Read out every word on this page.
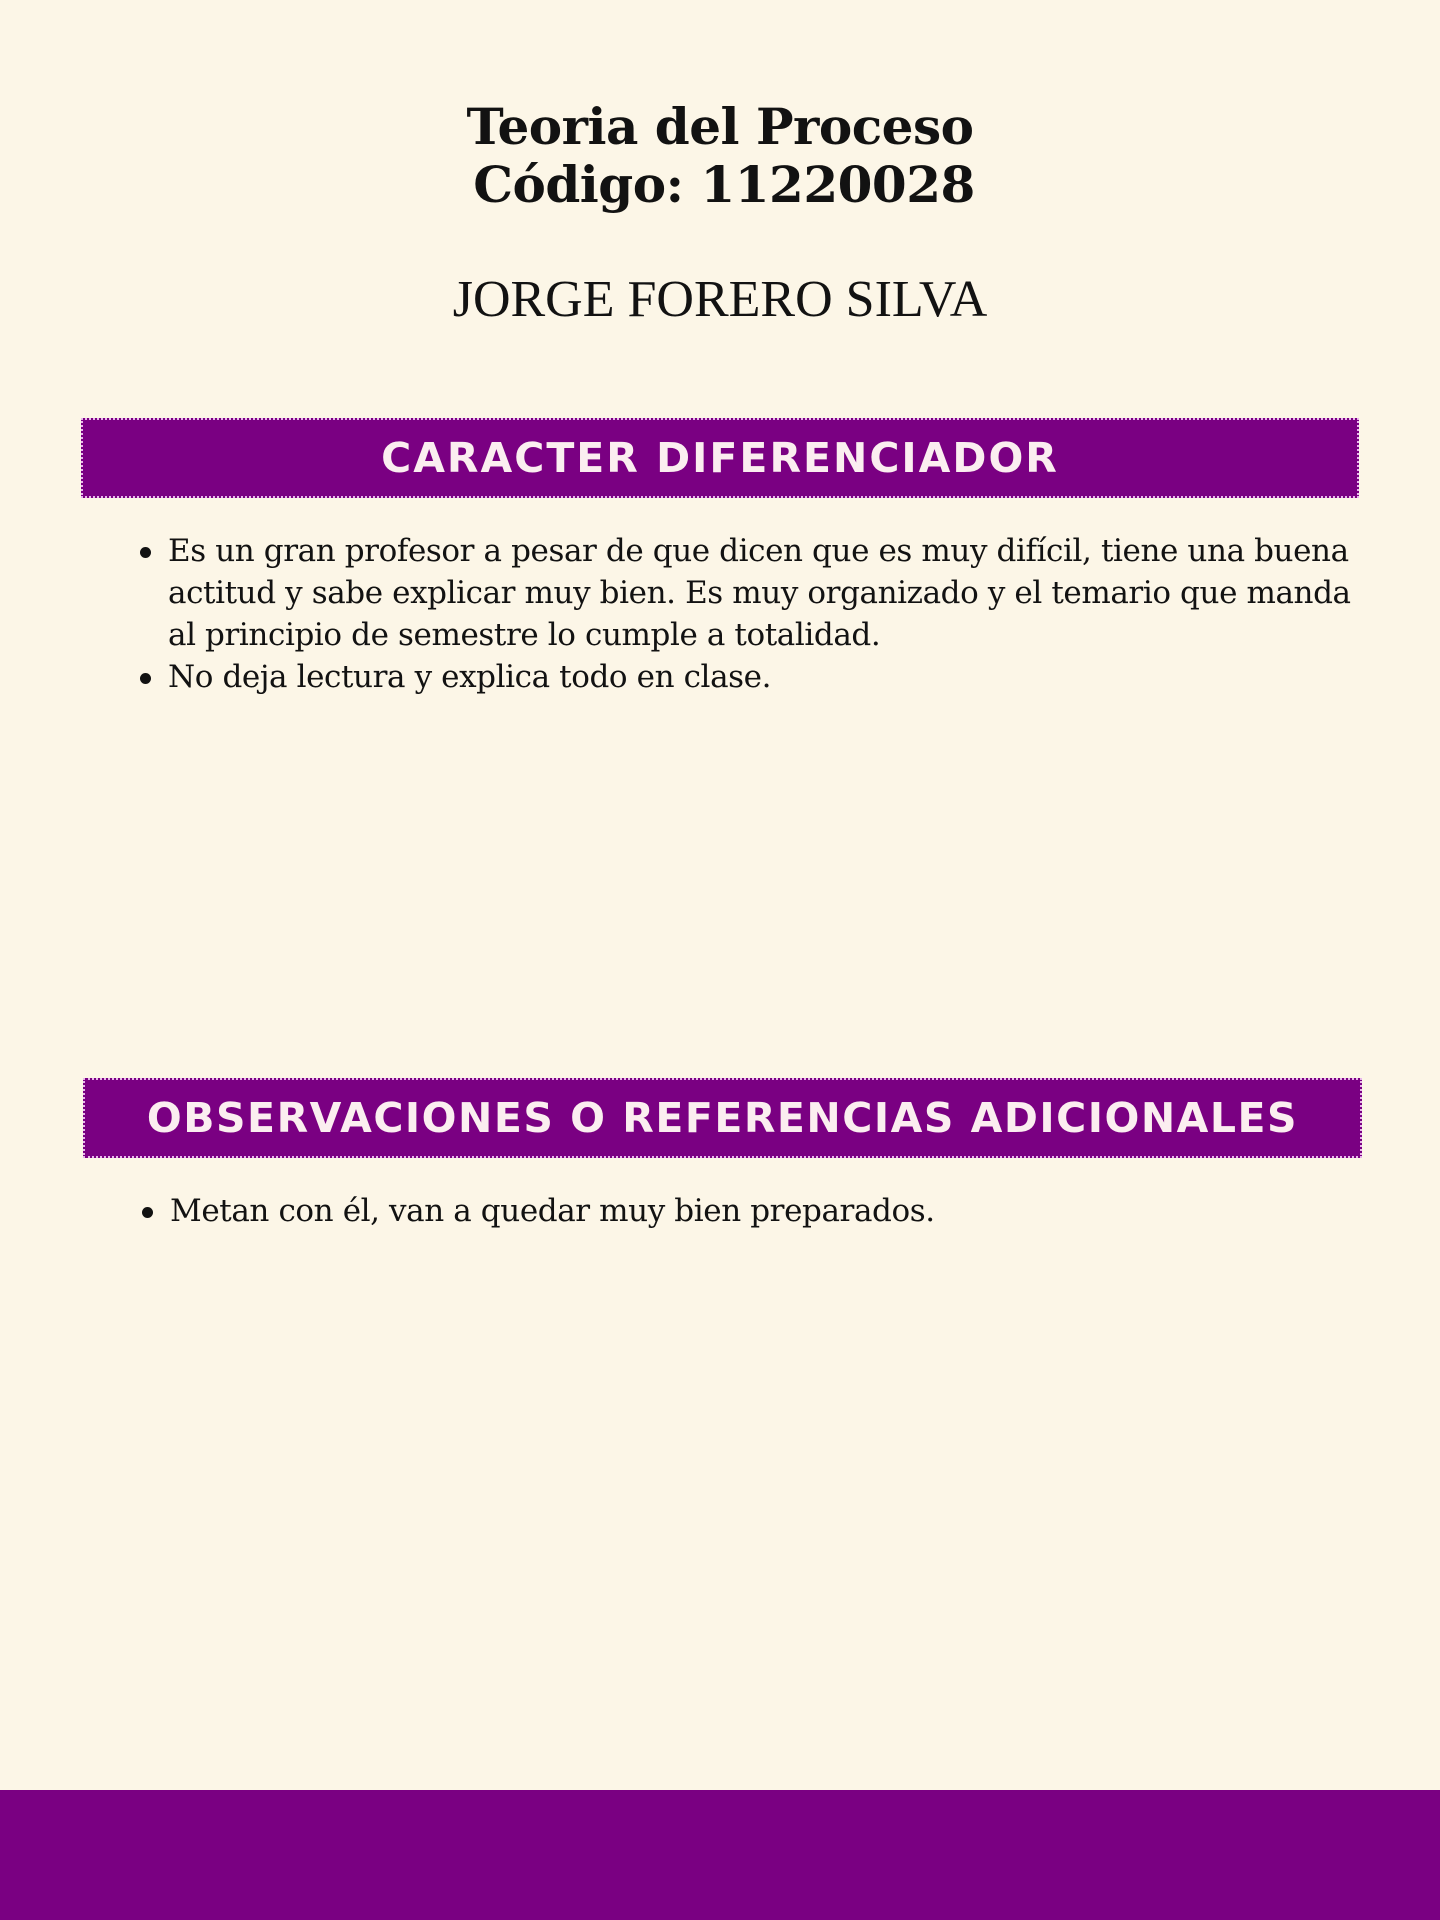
Teoria del Proceso

Código: 11220028

JORGE FORERO SILVA

CARACTER DIFERENCIADOR
Es un gran profesor a pesar de que dicen que es muy difícil, tiene una buena actitud y sabe explicar muy bien. Es muy organizado y el temario que manda al principio de semestre lo cumple a totalidad.
No deja lectura y explica todo en clase.
OBSERVACIONES O REFERENCIAS ADICIONALES
Metan con él, van a quedar muy bien preparados.
